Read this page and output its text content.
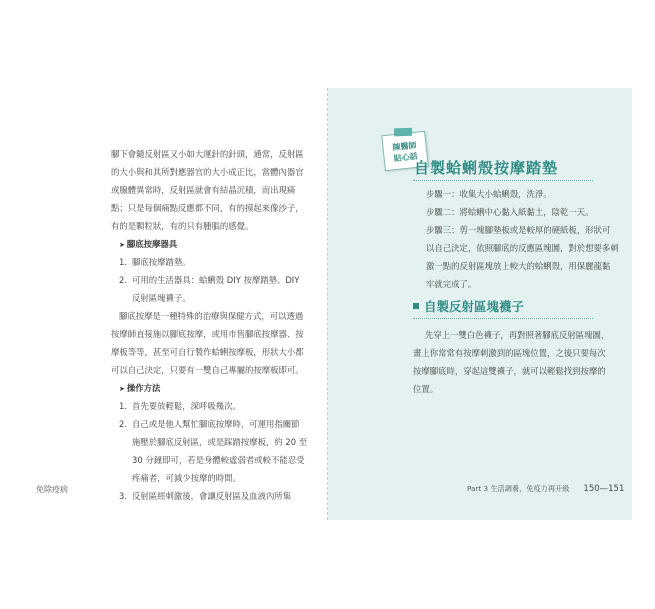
腳下會隨反射區又小如大運針的針頭，通常，反射區
的大小與和其所對應器官的大小成正比，當體內器官
或腺體異常時，反射區就會有結晶沉積，而出現痛
點；只是每個痛點反應都不同，有的摸起來像沙子，
有的是顆粒狀，有的只有腫脹的感覺。
➤ 腳底按摩器具
1. 腳底按摩踏墊。
2. 可用的生活器具：蛤蜊殼 DIY 按摩踏墊、DIY
反射區塊襪子。
腳底按摩是一種特殊的治療與保健方式，可以透過
按摩師直接施以腳底按摩，或用市售腳底按摩器、按
摩板等等，甚至可自行製作蛤蜊按摩板，形狀大小都
可以自己決定，只要有一雙自己專屬的按摩板即可。
➤ 操作方法
1. 首先要放輕鬆，深呼吸幾次。
2. 自己或是他人幫忙腳底按摩時，可運用指關節
施壓於腳底反射區，或是踩踏按摩板，約 20 至
30 分鐘即可，若是身體較虛弱者或較不能忍受
疼痛者，可減少按摩的時間。
3. 反射區經刺激後，會讓反射區及血液內所集
免除疫病
陳醫師
貼心話
自製蛤蜊殼按摩踏墊
步驟一：收集大小蛤蜊殼，洗淨。
步驟二：將蛤蜊中心黏入紙黏土，陰乾一天。
步驟三：剪一塊腳墊板或是較厚的硬紙板，形狀可
以自己決定，依照腳底的反應區塊圖，對於想要多刺
激一點的反射區塊放上較大的蛤蜊殼，用保麗龍黏
牢就完成了。
自製反射區塊襪子
先穿上一雙白色襪子，再對照著腳底反射區塊圖，
畫上你常常有按摩刺激到的區塊位置，之後只要每次
按摩腳底時，穿起這雙襪子，就可以輕鬆找到按摩的
位置。
Part 3 生活調養，免疫力再升級 150—151
